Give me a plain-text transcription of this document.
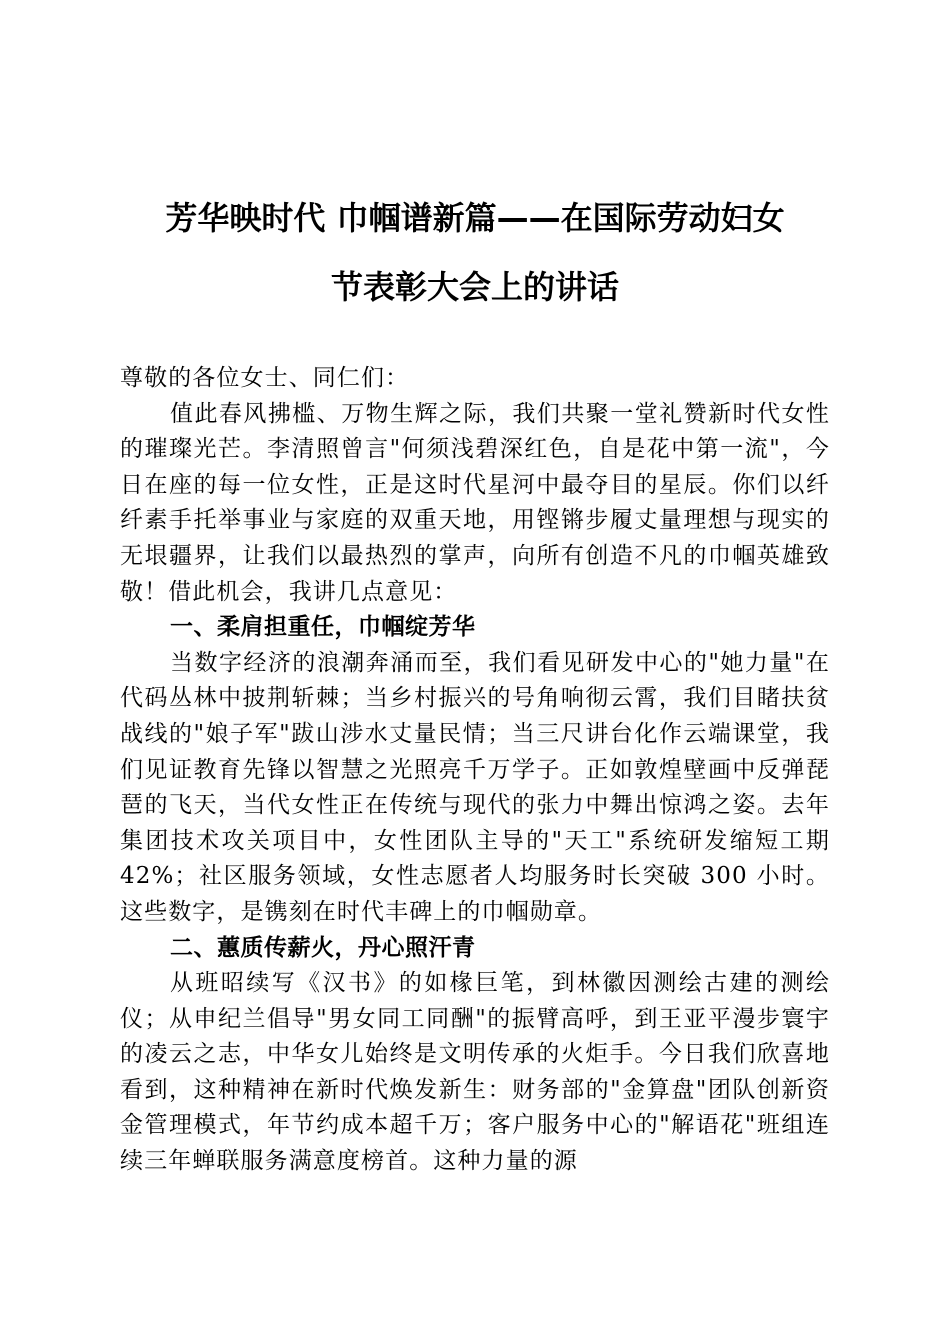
芳华映时代 巾帼谱新篇——在国际劳动妇女
节表彰大会上的讲话

尊敬的各位女士、同仁们：

值此春风拂槛、万物生辉之际，我们共聚一堂礼赞新时代女性的璀璨光芒。李清照曾言"何须浅碧深红色，自是花中第一流"，今日在座的每一位女性，正是这时代星河中最夺目的星辰。你们以纤纤素手托举事业与家庭的双重天地，用铿锵步履丈量理想与现实的无垠疆界，让我们以最热烈的掌声，向所有创造不凡的巾帼英雄致敬！借此机会，我讲几点意见：

一、柔肩担重任，巾帼绽芳华

当数字经济的浪潮奔涌而至，我们看见研发中心的"她力量"在代码丛林中披荆斩棘；当乡村振兴的号角响彻云霄，我们目睹扶贫战线的"娘子军"跋山涉水丈量民情；当三尺讲台化作云端课堂，我们见证教育先锋以智慧之光照亮千万学子。正如敦煌壁画中反弹琵琶的飞天，当代女性正在传统与现代的张力中舞出惊鸿之姿。去年集团技术攻关项目中，女性团队主导的"天工"系统研发缩短工期 42%；社区服务领域，女性志愿者人均服务时长突破 300 小时。这些数字，是镌刻在时代丰碑上的巾帼勋章。

二、蕙质传薪火，丹心照汗青

从班昭续写《汉书》的如椽巨笔，到林徽因测绘古建的测绘仪；从申纪兰倡导"男女同工同酬"的振臂高呼，到王亚平漫步寰宇的凌云之志，中华女儿始终是文明传承的火炬手。今日我们欣喜地看到，这种精神在新时代焕发新生：财务部的"金算盘"团队创新资金管理模式，年节约成本超千万；客户服务中心的"解语花"班组连续三年蝉联服务满意度榜首。这种力量的源
